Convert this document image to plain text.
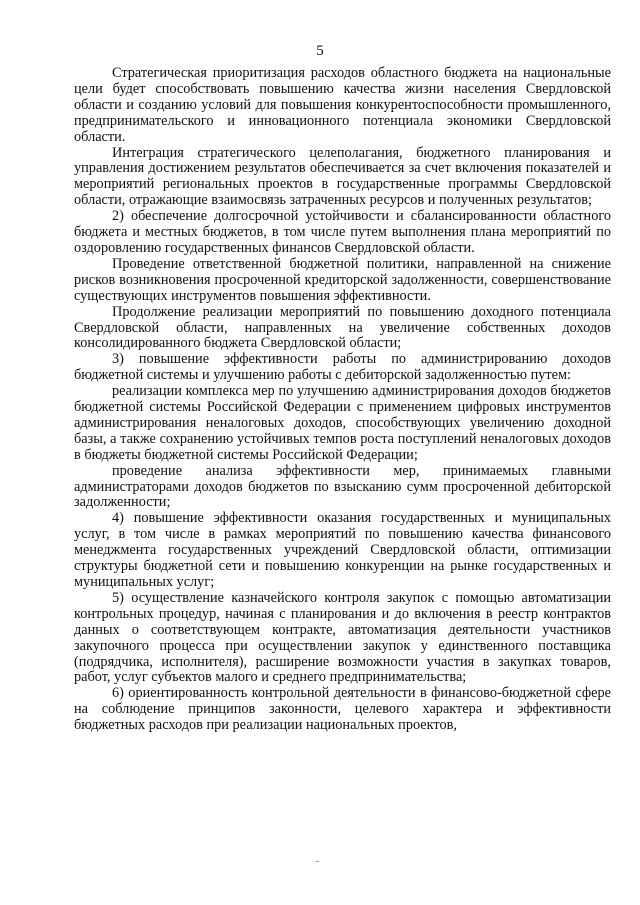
5

Стратегическая приоритизация расходов областного бюджета на национальные цели будет способствовать повышению качества жизни населения Свердловской области и созданию условий для повышения конкурентоспособности промышленного, предпринимательского и инновационного потенциала экономики Свердловской области.

Интеграция стратегического целеполагания, бюджетного планирования и управления достижением результатов обеспечивается за счет включения показателей и мероприятий региональных проектов в государственные программы Свердловской области, отражающие взаимосвязь затраченных ресурсов и полученных результатов;

2) обеспечение долгосрочной устойчивости и сбалансированности областного бюджета и местных бюджетов, в том числе путем выполнения плана мероприятий по оздоровлению государственных финансов Свердловской области.

Проведение ответственной бюджетной политики, направленной на снижение рисков возникновения просроченной кредиторской задолженности, совершенствование существующих инструментов повышения эффективности.

Продолжение реализации мероприятий по повышению доходного потенциала Свердловской области, направленных на увеличение собственных доходов консолидированного бюджета Свердловской области;

3) повышение эффективности работы по администрированию доходов бюджетной системы и улучшению работы с дебиторской задолженностью путем:

реализации комплекса мер по улучшению администрирования доходов бюджетов бюджетной системы Российской Федерации с применением цифровых инструментов администрирования неналоговых доходов, способствующих увеличению доходной базы, а также сохранению устойчивых темпов роста поступлений неналоговых доходов в бюджеты бюджетной системы Российской Федерации;

проведение анализа эффективности мер, принимаемых главными администраторами доходов бюджетов по взысканию сумм просроченной дебиторской задолженности;

4) повышение эффективности оказания государственных и муниципальных услуг, в том числе в рамках мероприятий по повышению качества финансового менеджмента государственных учреждений Свердловской области, оптимизации структуры бюджетной сети и повышению конкуренции на рынке государственных и муниципальных услуг;

5) осуществление казначейского контроля закупок с помощью автоматизации контрольных процедур, начиная с планирования и до включения в реестр контрактов данных о соответствующем контракте, автоматизация деятельности участников закупочного процесса при осуществлении закупок у единственного поставщика (подрядчика, исполнителя), расширение возможности участия в закупках товаров, работ, услуг субъектов малого и среднего предпринимательства;

6) ориентированность контрольной деятельности в финансово-бюджетной сфере на соблюдение принципов законности, целевого характера и эффективности бюджетных расходов при реализации национальных проектов,
